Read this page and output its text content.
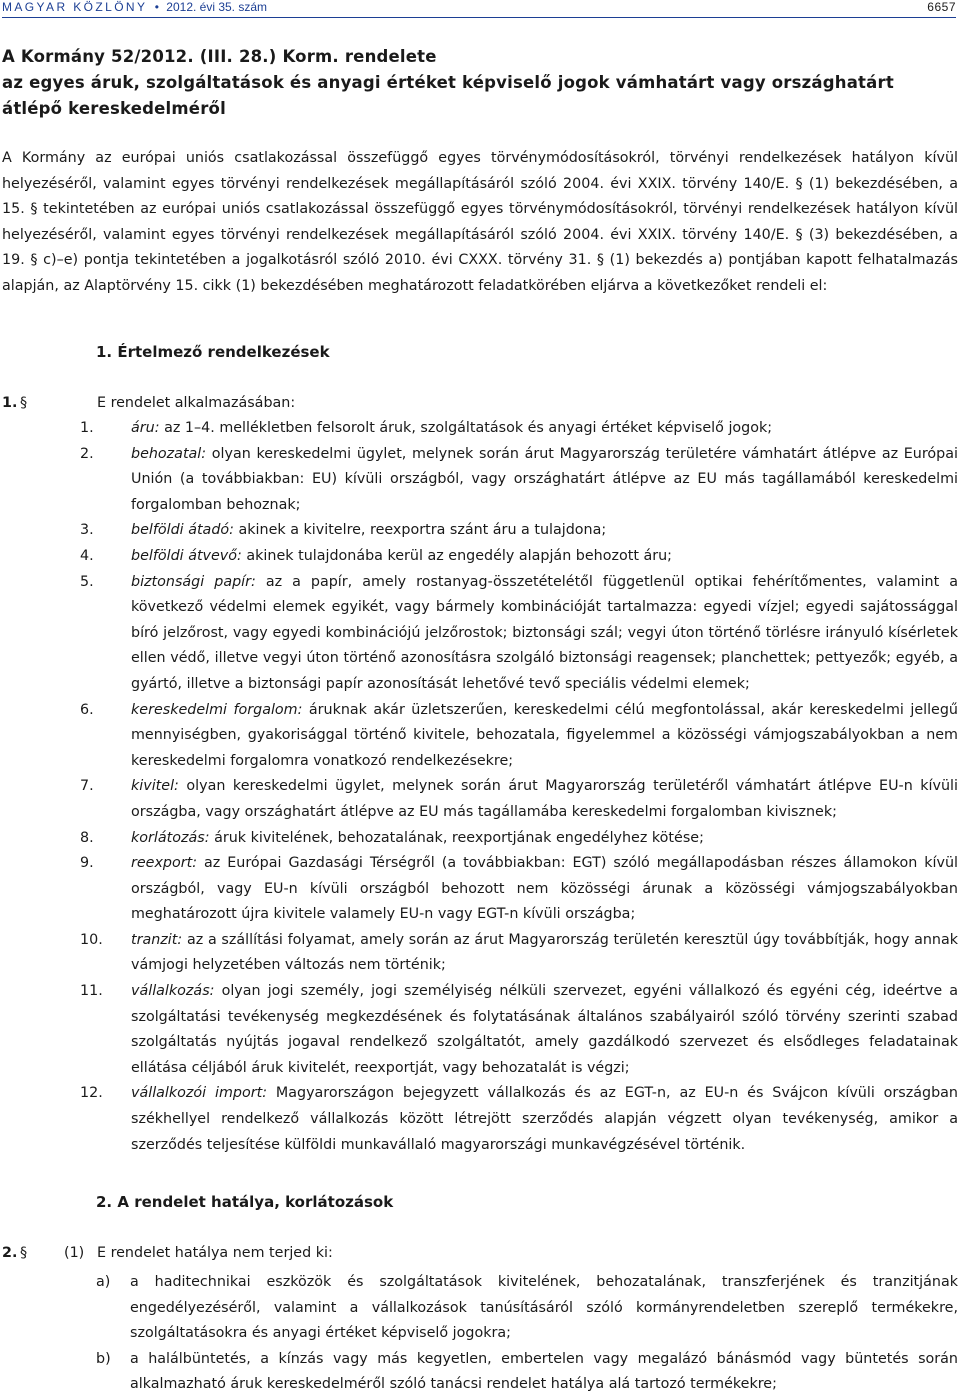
MAGYAR KÖZLÖNY • 2012. évi 35. szám	6657
A Kormány 52/2012. (III. 28.) Korm. rendelete
az egyes áruk, szolgáltatások és anyagi értéket képviselő jogok vámhatárt vagy országhatárt
átlépő kereskedelméről
A Kormány az európai uniós csatlakozással összefüggő egyes törvénymódosításokról, törvényi rendelkezések hatályon kívül helyezéséről, valamint egyes törvényi rendelkezések megállapításáról szóló 2004. évi XXIX. törvény 140/E. § (1) bekezdésében, a 15. § tekintetében az európai uniós csatlakozással összefüggő egyes törvénymódosításokról, törvényi rendelkezések hatályon kívül helyezéséről, valamint egyes törvényi rendelkezések megállapításáról szóló 2004. évi XXIX. törvény 140/E. § (3) bekezdésében, a 19. § c)–e) pontja tekintetében a jogalkotásról szóló 2010. évi CXXX. törvény 31. § (1) bekezdés a) pontjában kapott felhatalmazás alapján, az Alaptörvény 15. cikk (1) bekezdésében meghatározott feladatkörében eljárva a következőket rendeli el:
1. Értelmező rendelkezések
1. §	E rendelet alkalmazásában:
1.	áru: az 1–4. mellékletben felsorolt áruk, szolgáltatások és anyagi értéket képviselő jogok;
2.	behozatal: olyan kereskedelmi ügylet, melynek során árut Magyarország területére vámhatárt átlépve az Európai Unión (a továbbiakban: EU) kívüli országból, vagy országhatárt átlépve az EU más tagállamából kereskedelmi forgalomban behoznak;
3.	belföldi átadó: akinek a kivitelre, reexportra szánt áru a tulajdona;
4.	belföldi átvevő: akinek tulajdonába kerül az engedély alapján behozott áru;
5.	biztonsági papír: az a papír, amely rostanyag-összetételétől függetlenül optikai fehérítőmentes, valamint a következő védelmi elemek egyikét, vagy bármely kombinációját tartalmazza: egyedi vízjel; egyedi sajátossággal bíró jelzőrost, vagy egyedi kombinációjú jelzőrostok; biztonsági szál; vegyi úton történő törlésre irányuló kísérletek ellen védő, illetve vegyi úton történő azonosításra szolgáló biztonsági reagensek; planchettek; pettyezők; egyéb, a gyártó, illetve a biztonsági papír azonosítását lehetővé tevő speciális védelmi elemek;
6.	kereskedelmi forgalom: áruknak akár üzletszerűen, kereskedelmi célú megfontolással, akár kereskedelmi jellegű mennyiségben, gyakorisággal történő kivitele, behozatala, figyelemmel a közösségi vámjogszabályokban a nem kereskedelmi forgalomra vonatkozó rendelkezésekre;
7.	kivitel: olyan kereskedelmi ügylet, melynek során árut Magyarország területéről vámhatárt átlépve EU-n kívüli országba, vagy országhatárt átlépve az EU más tagállamába kereskedelmi forgalomban kivisznek;
8.	korlátozás: áruk kivitelének, behozatalának, reexportjának engedélyhez kötése;
9.	reexport: az Európai Gazdasági Térségről (a továbbiakban: EGT) szóló megállapodásban részes államokon kívül országból, vagy EU-n kívüli országból behozott nem közösségi árunak a közösségi vámjogszabályokban meghatározott újra kivitele valamely EU-n vagy EGT-n kívüli országba;
10.	tranzit: az a szállítási folyamat, amely során az árut Magyarország területén keresztül úgy továbbítják, hogy annak vámjogi helyzetében változás nem történik;
11.	vállalkozás: olyan jogi személy, jogi személyiség nélküli szervezet, egyéni vállalkozó és egyéni cég, ideértve a szolgáltatási tevékenység megkezdésének és folytatásának általános szabályairól szóló törvény szerinti szabad szolgáltatás nyújtás jogaval rendelkező szolgáltatót, amely gazdálkodó szervezet és elsődleges feladatainak ellátása céljából áruk kivitelét, reexportját, vagy behozatalát is végzi;
12.	vállalkozói import: Magyarországon bejegyzett vállalkozás és az EGT-n, az EU-n és Svájcon kívüli országban székhellyel rendelkező vállalkozás között létrejött szerződés alapján végzett olyan tevékenység, amikor a szerződés teljesítése külföldi munkavállaló magyarországi munkavégzésével történik.
2. A rendelet hatálya, korlátozások
2. §	(1) E rendelet hatálya nem terjed ki:
a)	a haditechnikai eszközök és szolgáltatások kivitelének, behozatalának, transzferjének és tranzitjának engedélyezéséről, valamint a vállalkozások tanúsításáról szóló kormányrendeletben szereplő termékekre, szolgáltatásokra és anyagi értéket képviselő jogokra;
b)	a halálbüntetés, a kínzás vagy más kegyetlen, embertelen vagy megalázó bánásmód vagy büntetés során alkalmazható áruk kereskedelméről szóló tanácsi rendelet hatálya alá tartozó termékekre;
